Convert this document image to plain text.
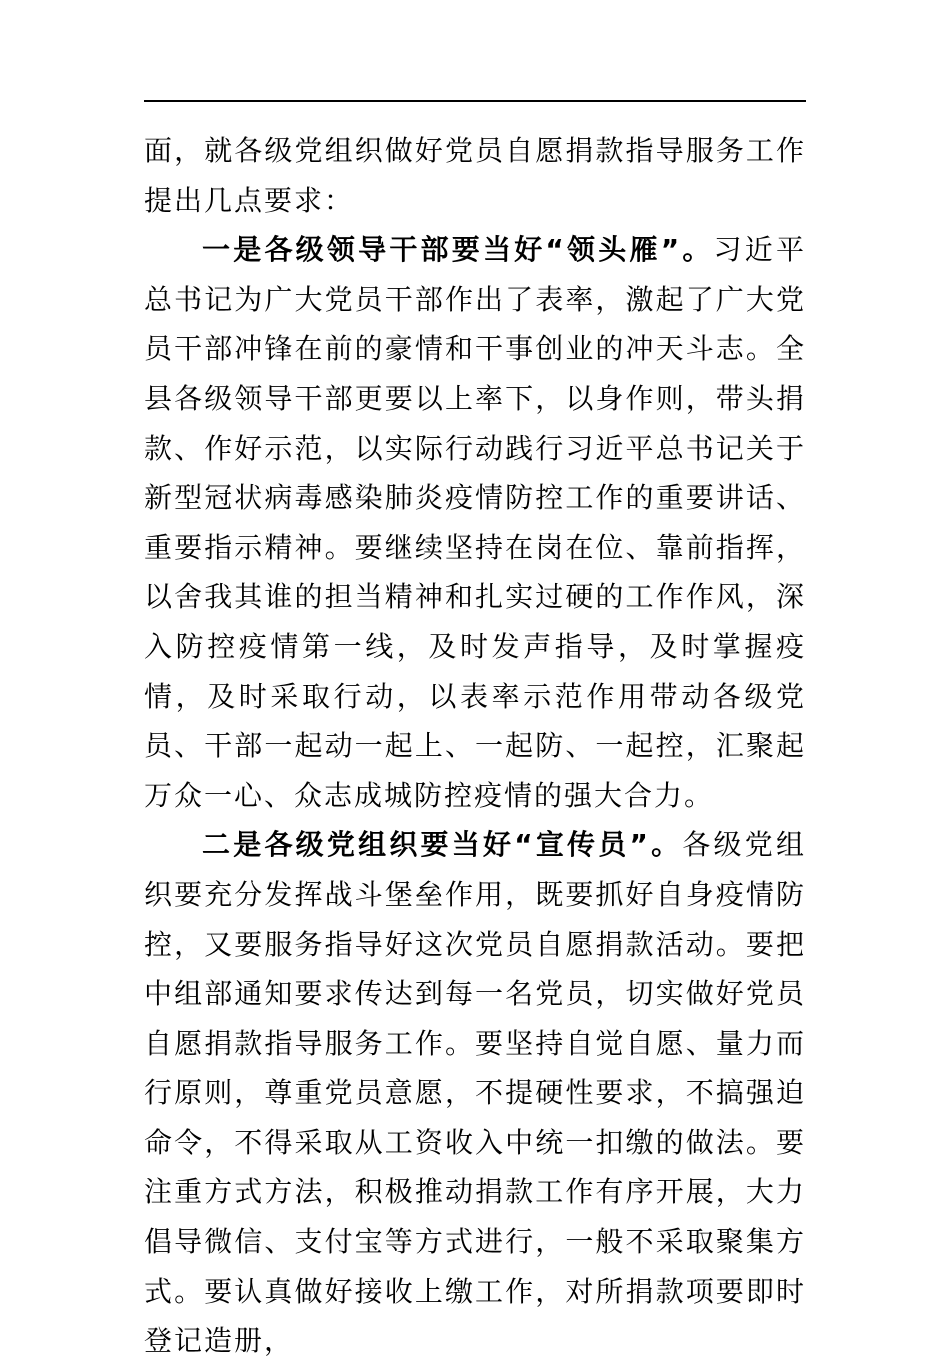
面，就各级党组织做好党员自愿捐款指导服务工作提出几点要求：

一是各级领导干部要当好“领头雁”。习近平总书记为广大党员干部作出了表率，激起了广大党员干部冲锋在前的豪情和干事创业的冲天斗志。全县各级领导干部更要以上率下，以身作则，带头捐款、作好示范，以实际行动践行习近平总书记关于新型冠状病毒感染肺炎疫情防控工作的重要讲话、重要指示精神。要继续坚持在岗在位、靠前指挥，以舍我其谁的担当精神和扎实过硬的工作作风，深入防控疫情第一线，及时发声指导，及时掌握疫情，及时采取行动，以表率示范作用带动各级党员、干部一起动一起上、一起防、一起控，汇聚起万众一心、众志成城防控疫情的强大合力。

二是各级党组织要当好“宣传员”。各级党组织要充分发挥战斗堡垒作用，既要抓好自身疫情防控，又要服务指导好这次党员自愿捐款活动。要把中组部通知要求传达到每一名党员，切实做好党员自愿捐款指导服务工作。要坚持自觉自愿、量力而行原则，尊重党员意愿，不提硬性要求，不搞强迫命令，不得采取从工资收入中统一扣缴的做法。要注重方式方法，积极推动捐款工作有序开展，大力倡导微信、支付宝等方式进行，一般不采取聚集方式。要认真做好接收上缴工作，对所捐款项要即时登记造册，
